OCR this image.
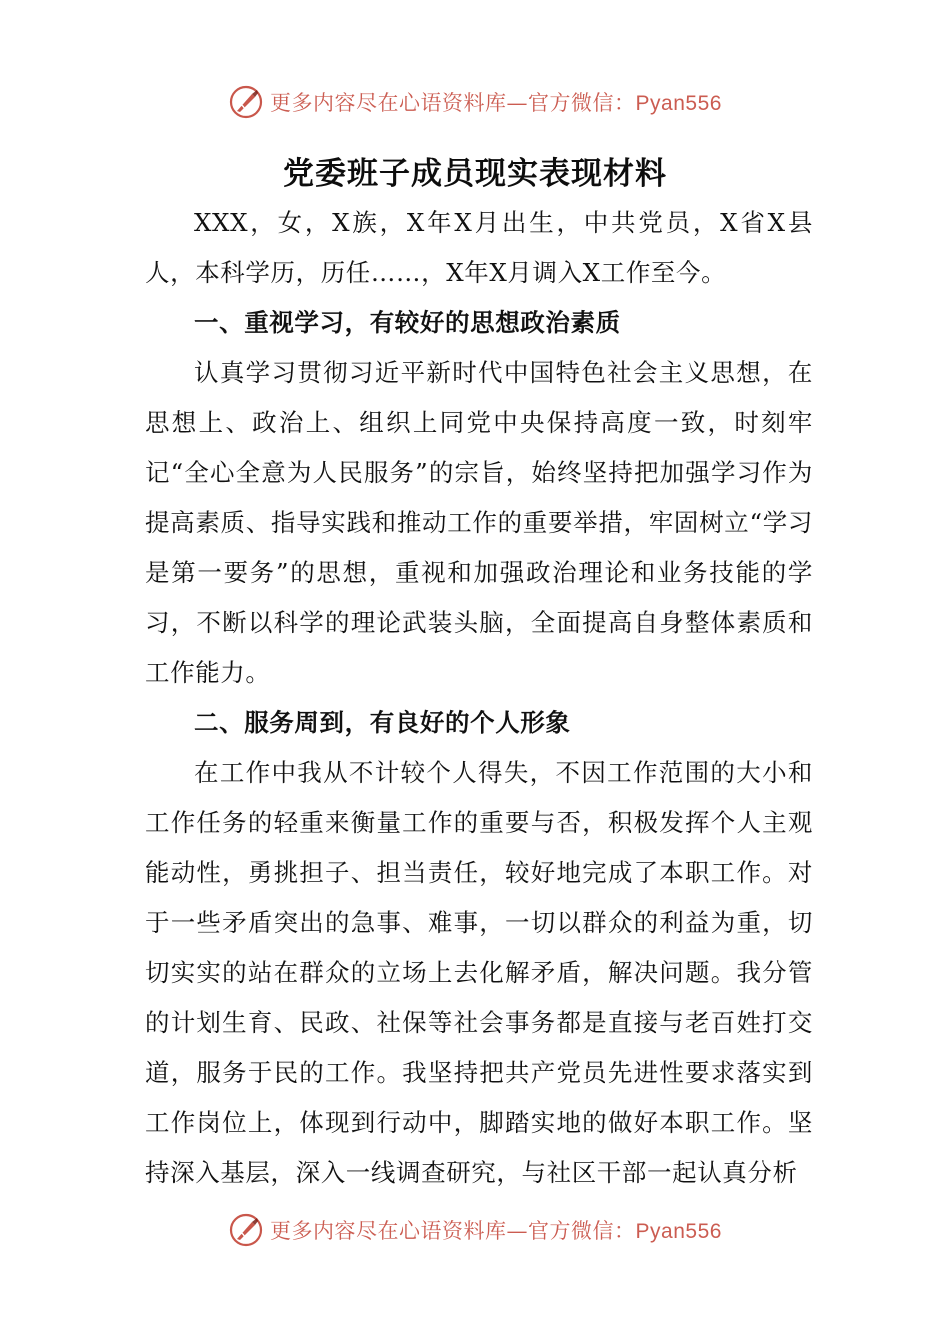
更多内容尽在心语资料库—官方微信：Pyan556
党委班子成员现实表现材料

XXX，女，X族，X年X月出生，中共党员，X省X县人，本科学历，历任……，X年X月调入X工作至今。

一、重视学习，有较好的思想政治素质

认真学习贯彻习近平新时代中国特色社会主义思想，在思想上、政治上、组织上同党中央保持高度一致，时刻牢记“全心全意为人民服务”的宗旨，始终坚持把加强学习作为提高素质、指导实践和推动工作的重要举措，牢固树立“学习是第一要务”的思想，重视和加强政治理论和业务技能的学习，不断以科学的理论武装头脑，全面提高自身整体素质和工作能力。

二、服务周到，有良好的个人形象

在工作中我从不计较个人得失，不因工作范围的大小和工作任务的轻重来衡量工作的重要与否，积极发挥个人主观能动性，勇挑担子、担当责任，较好地完成了本职工作。对于一些矛盾突出的急事、难事，一切以群众的利益为重，切切实实的站在群众的立场上去化解矛盾，解决问题。我分管的计划生育、民政、社保等社会事务都是直接与老百姓打交道，服务于民的工作。我坚持把共产党员先进性要求落实到工作岗位上，体现到行动中，脚踏实地的做好本职工作。坚持深入基层，深入一线调查研究，与社区干部一起认真分析

更多内容尽在心语资料库—官方微信：Pyan556
